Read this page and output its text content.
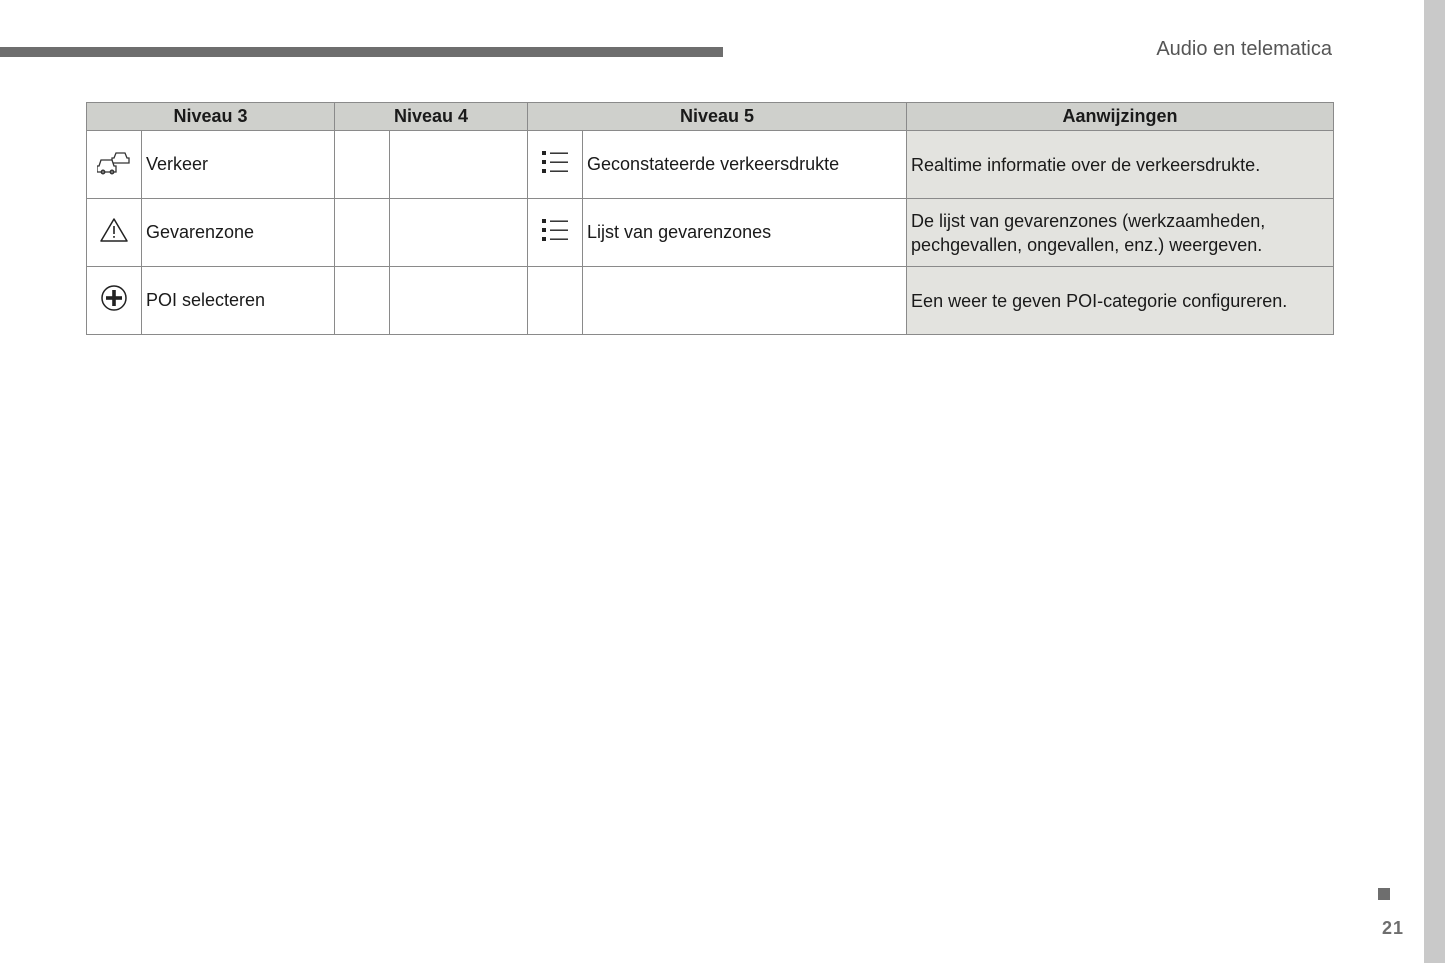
Audio en telematica
Niveau 3		Niveau 4		Niveau 5		Aanwijzingen
	Verkeer				Geconstateerde verkeersdrukte	Realtime informatie over de verkeersdrukte.
	Gevarenzone				Lijst van gevarenzones	De lijst van gevarenzones (werkzaamheden, pechgevallen, ongevallen, enz.) weergeven.
	POI selecteren					Een weer te geven POI-categorie configureren.
21
